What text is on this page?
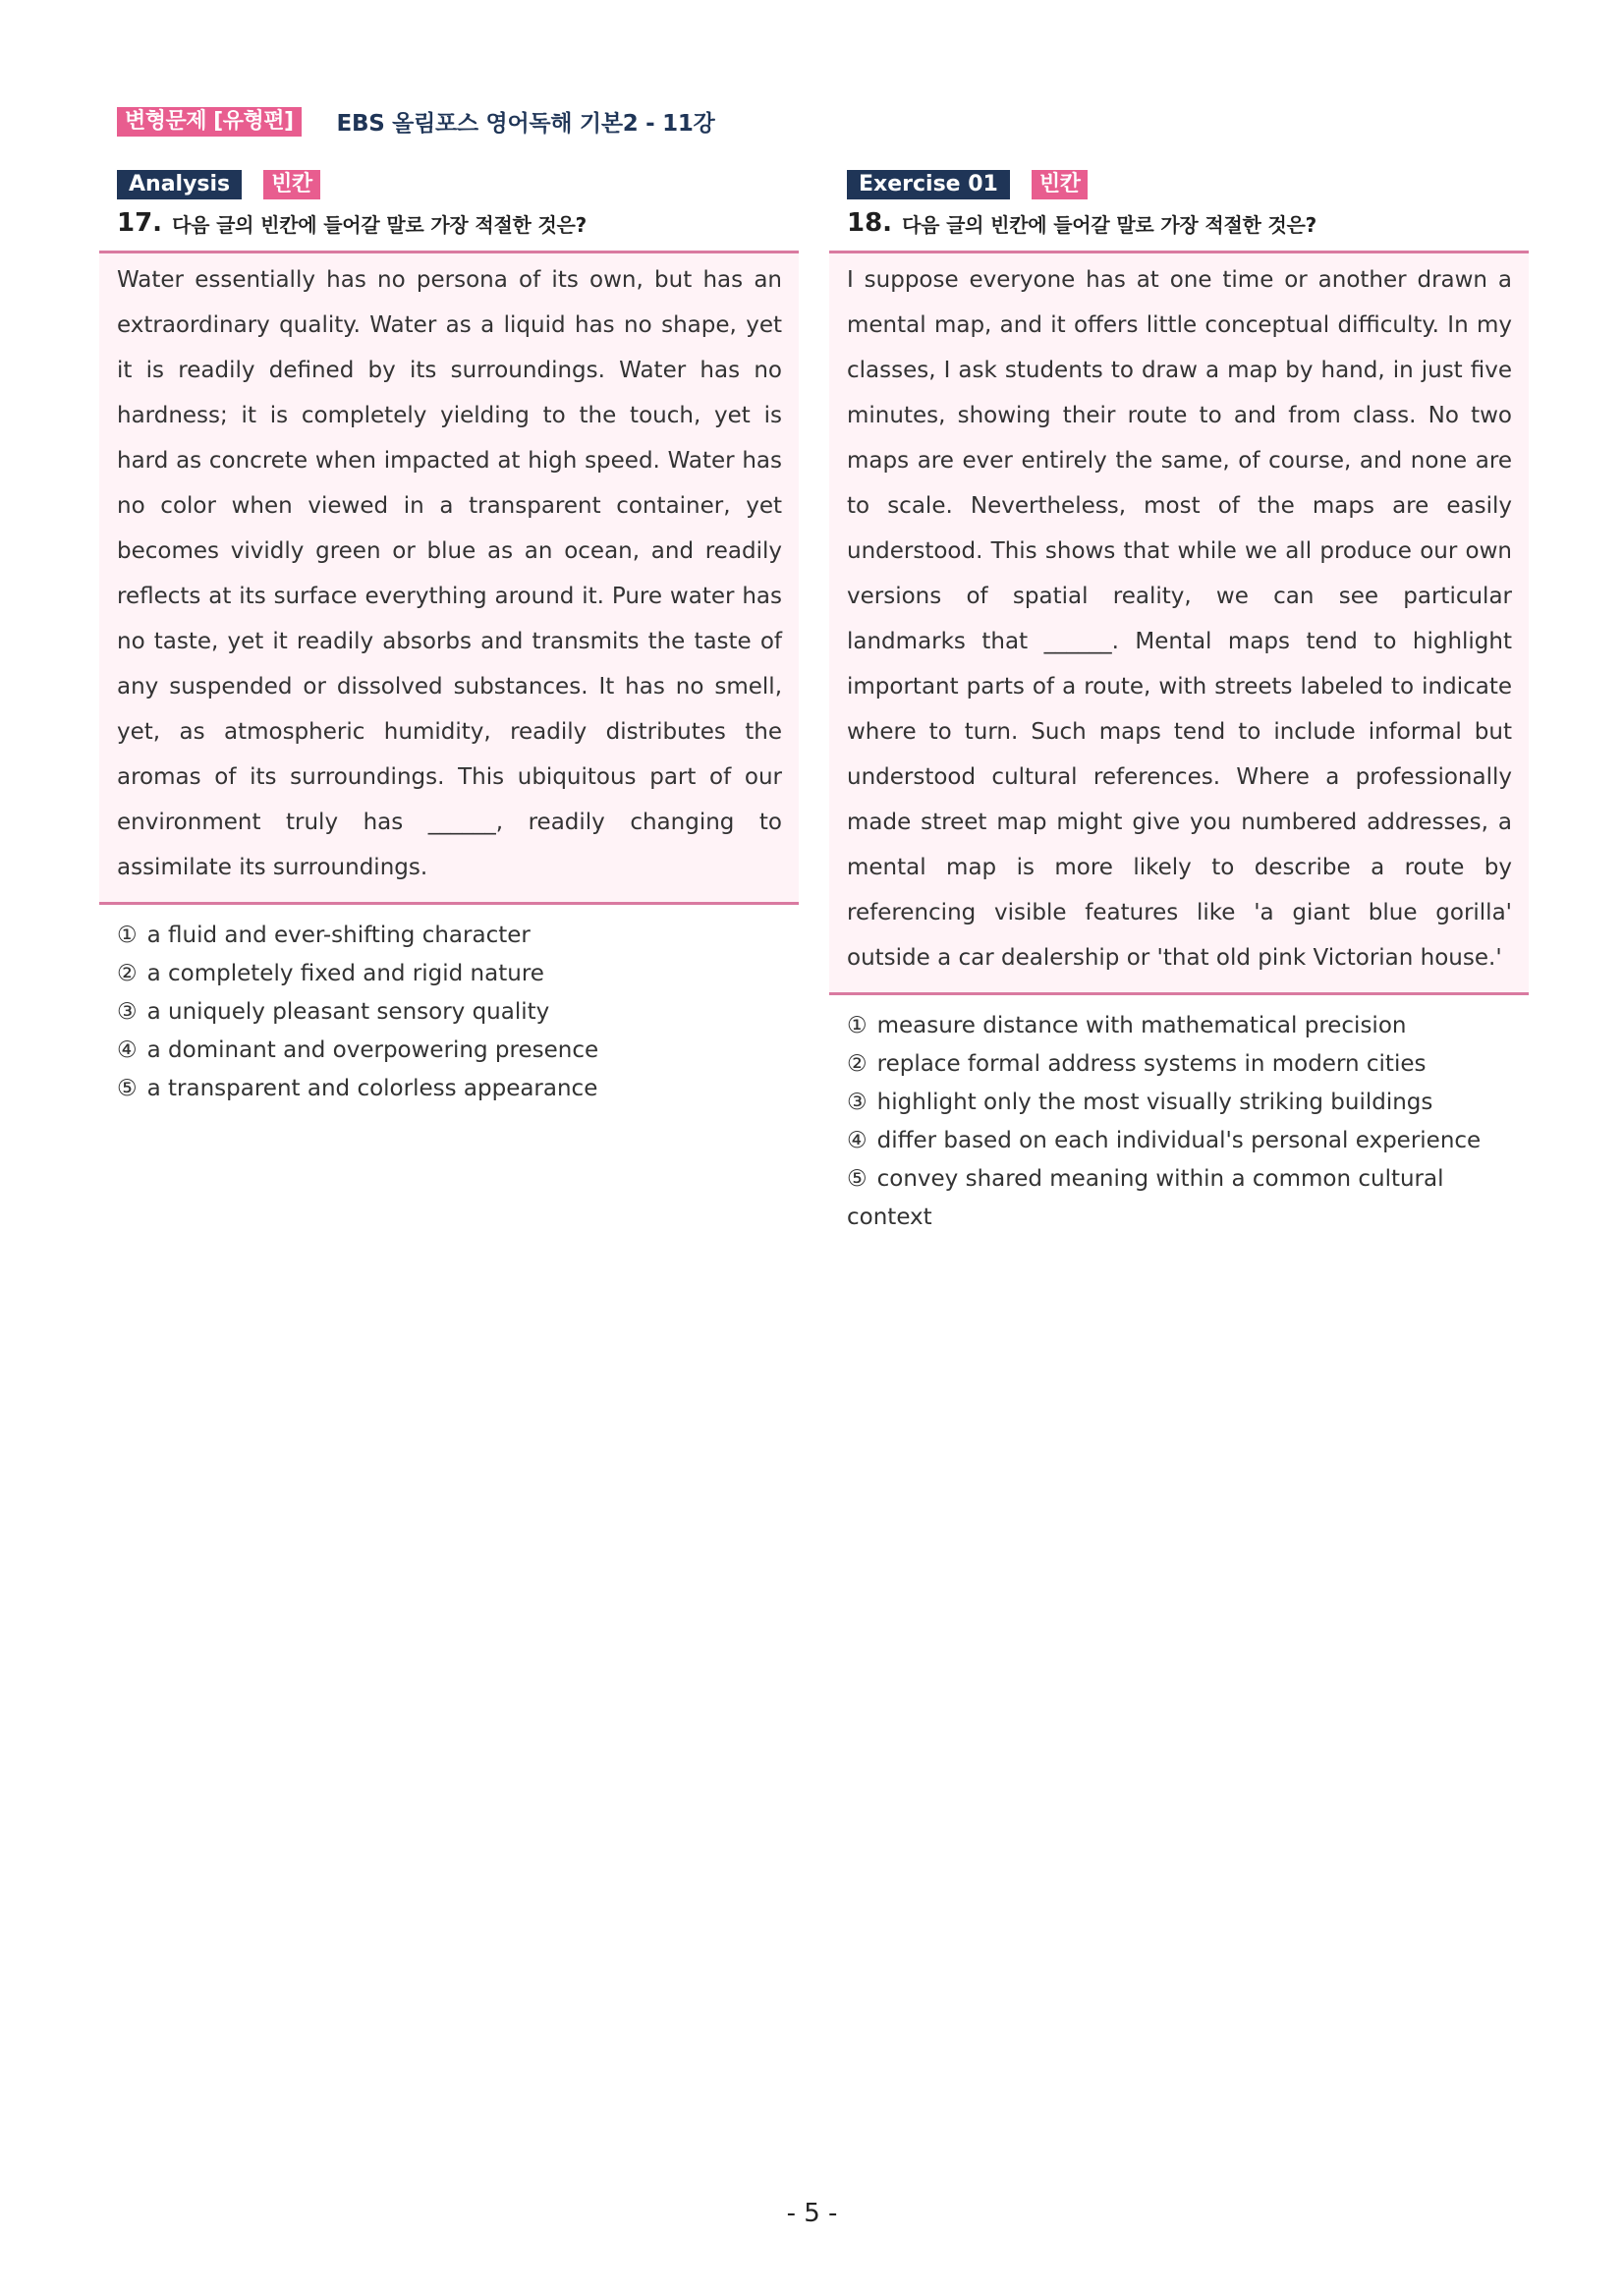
변형문제 [유형편]	EBS 올림포스 영어독해 기본2 - 11강
Analysis	빈칸
17. 다음 글의 빈칸에 들어갈 말로 가장 적절한 것은?

Water essentially has no persona of its own, but has an extraordinary quality. Water as a liquid has no shape, yet it is readily defined by its surroundings. Water has no hardness; it is completely yielding to the touch, yet is hard as concrete when impacted at high speed. Water has no color when viewed in a transparent container, yet becomes vividly green or blue as an ocean, and readily reflects at its surface everything around it. Pure water has no taste, yet it readily absorbs and transmits the taste of any suspended or dissolved substances. It has no smell, yet, as atmospheric humidity, readily distributes the aromas of its surroundings. This ubiquitous part of our environment truly has ______, readily changing to assimilate its surroundings.

① a fluid and ever-shifting character
② a completely fixed and rigid nature
③ a uniquely pleasant sensory quality
④ a dominant and overpowering presence
⑤ a transparent and colorless appearance
Exercise 01	빈칸
18. 다음 글의 빈칸에 들어갈 말로 가장 적절한 것은?

I suppose everyone has at one time or another drawn a mental map, and it offers little conceptual difficulty. In my classes, I ask students to draw a map by hand, in just five minutes, showing their route to and from class. No two maps are ever entirely the same, of course, and none are to scale. Nevertheless, most of the maps are easily understood. This shows that while we all produce our own versions of spatial reality, we can see particular landmarks that ______. Mental maps tend to highlight important parts of a route, with streets labeled to indicate where to turn. Such maps tend to include informal but understood cultural references. Where a professionally made street map might give you numbered addresses, a mental map is more likely to describe a route by referencing visible features like 'a giant blue gorilla' outside a car dealership or 'that old pink Victorian house.'

① measure distance with mathematical precision
② replace formal address systems in modern cities
③ highlight only the most visually striking buildings
④ differ based on each individual's personal experience
⑤ convey shared meaning within a common cultural context
- 5 -
